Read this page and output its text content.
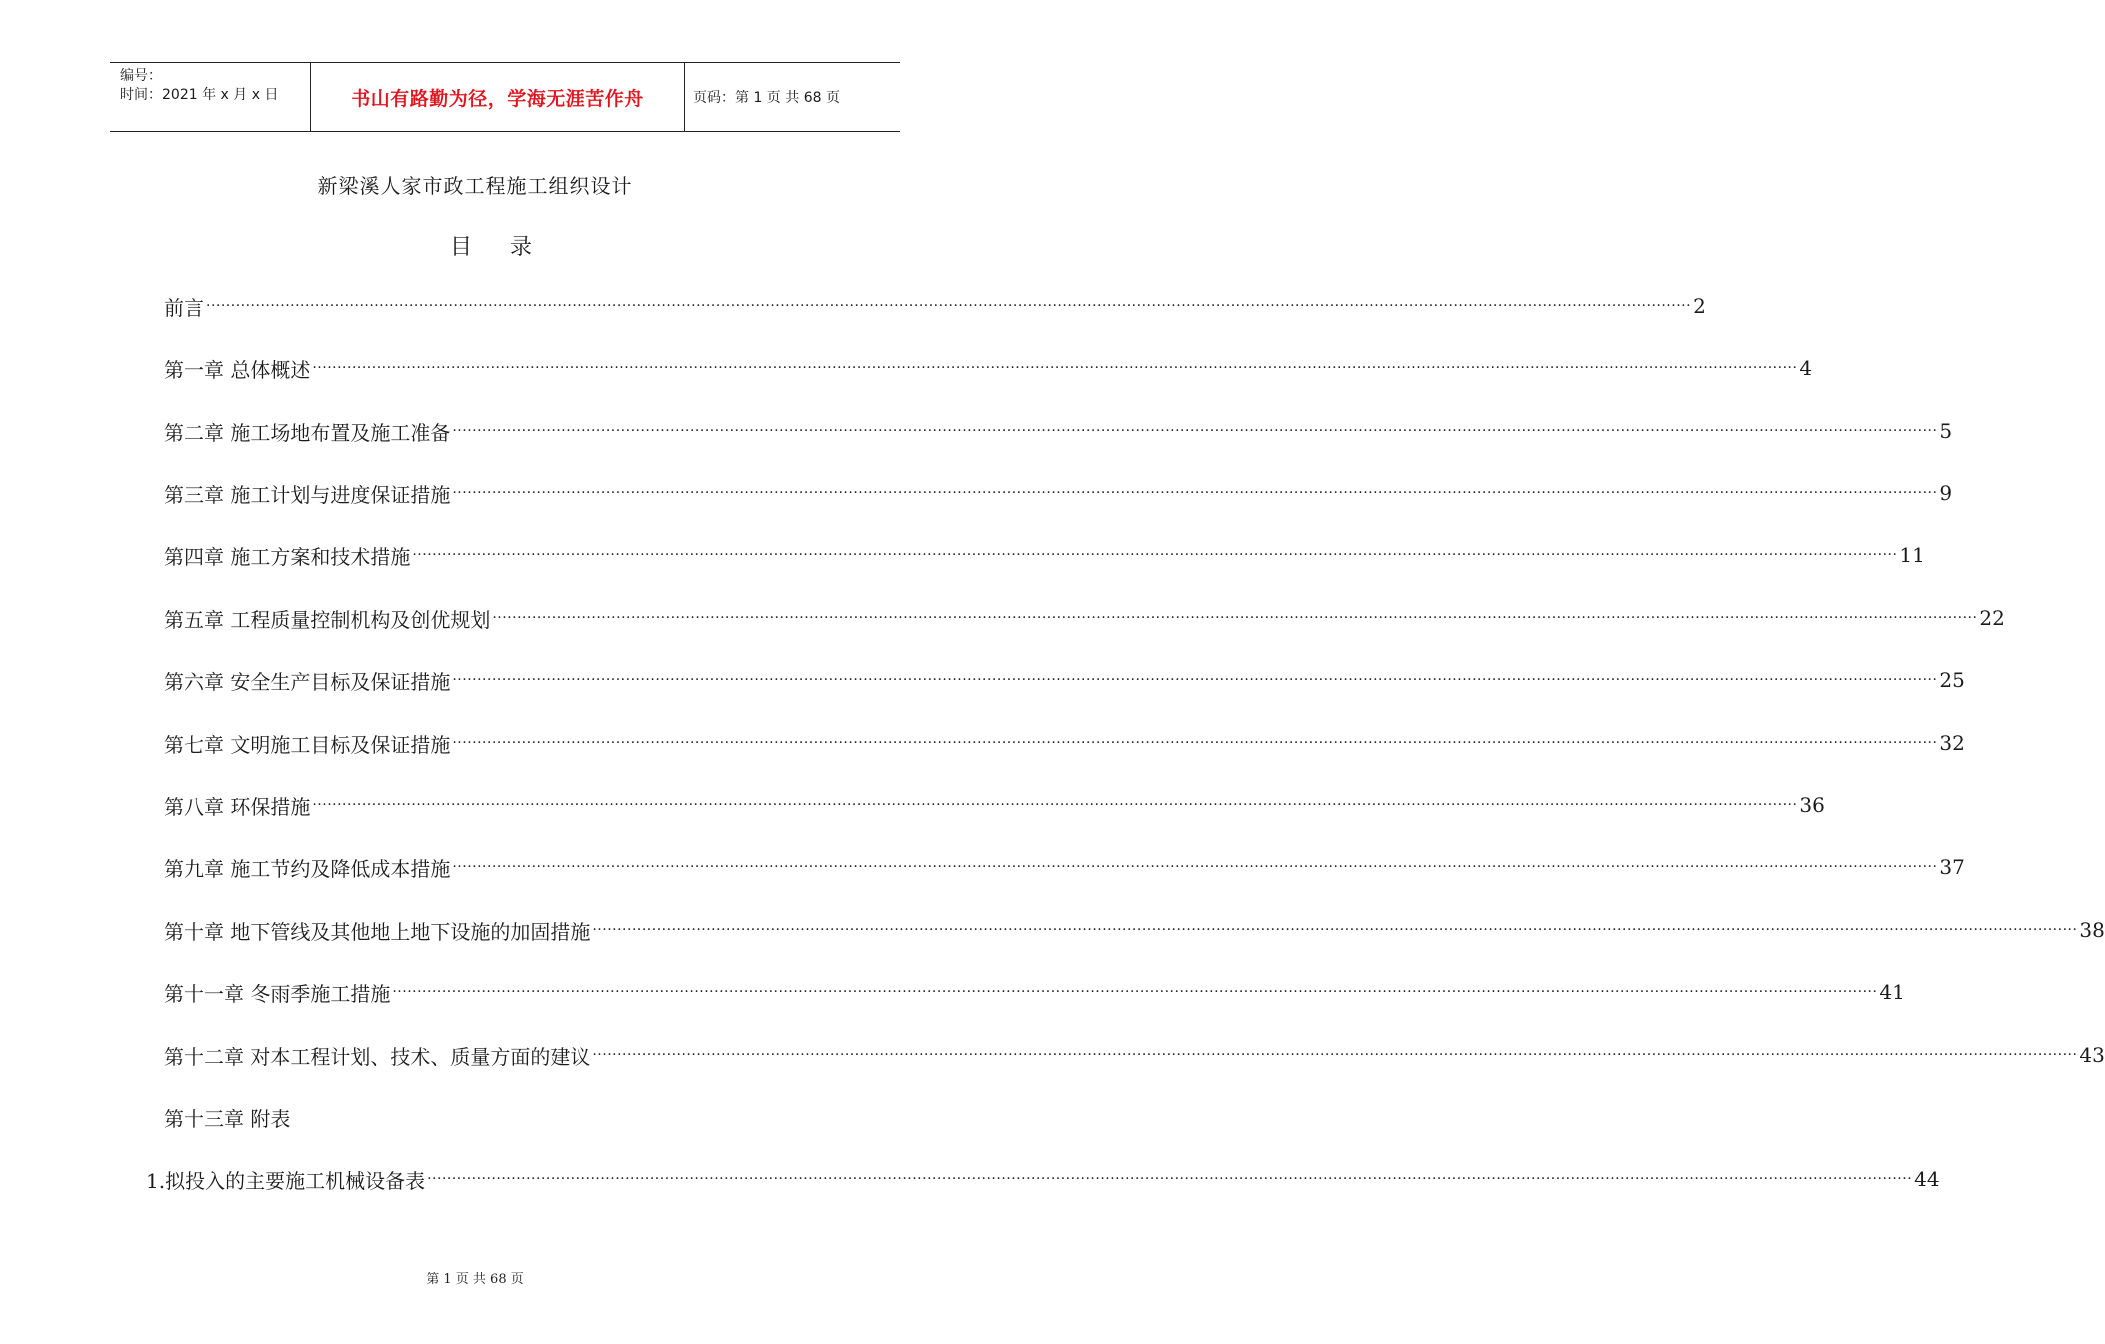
编号：
时间：2021 年 x 月 x 日	书山有路勤为径，学海无涯苦作舟	页码：第 1 页 共 68 页
新梁溪人家市政工程施工组织设计
目录
前言 ············································································································································································································································································································ 2
第一章 总体概述 ············································································································································································································································································································ 4
第二章 施工场地布置及施工准备 ············································································································································································································································································································ 5
第三章 施工计划与进度保证措施 ············································································································································································································································································································ 9
第四章 施工方案和技术措施 ············································································································································································································································································································ 11
第五章 工程质量控制机构及创优规划 ············································································································································································································································································································ 22
第六章 安全生产目标及保证措施 ············································································································································································································································································································ 25
第七章 文明施工目标及保证措施 ············································································································································································································································································································ 32
第八章 环保措施 ············································································································································································································································································································ 36
第九章 施工节约及降低成本措施 ············································································································································································································································································································ 37
第十章 地下管线及其他地上地下设施的加固措施 ············································································································································································································································································································ 38
第十一章 冬雨季施工措施 ············································································································································································································································································································ 41
第十二章 对本工程计划、技术、质量方面的建议 ············································································································································································································································································································ 43
第十三章 附表
1.拟投入的主要施工机械设备表 ············································································································································································································································································································ 44
第 1 页 共 68 页
